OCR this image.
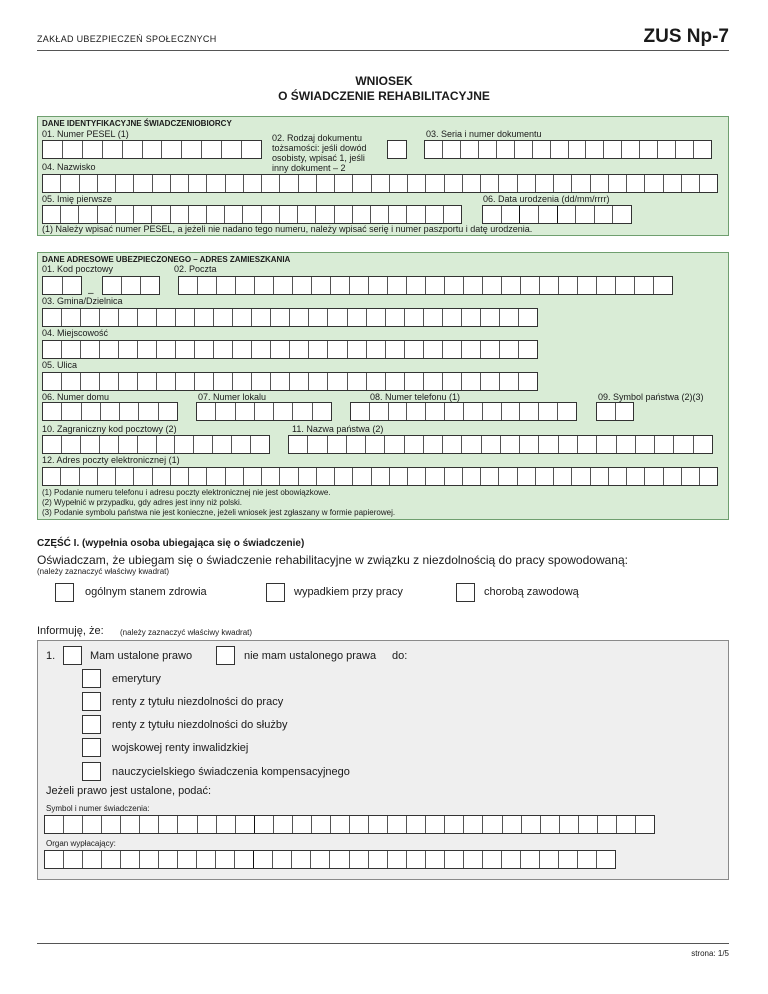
ZAKŁAD UBEZPIECZEŃ SPOŁECZNYCH	ZUS Np-7
WNIOSEK
O ŚWIADCZENIE REHABILITACYJNE
DANE IDENTYFIKACYJNE ŚWIADCZENIOBIORCY
01. Numer PESEL (1)	02. Rodzaj dokumentu
tożsamości: jeśli dowód
osobisty, wpisać 1, jeśli
inny dokument – 2
03. Seria i numer dokumentu
04. Nazwisko
05. Imię pierwsze	06. Data urodzenia (dd/mm/rrrr)
(1) Należy wpisać numer PESEL, a jeżeli nie nadano tego numeru, należy wpisać serię i numer paszportu i datę urodzenia.
DANE ADRESOWE UBEZPIECZONEGO – ADRES ZAMIESZKANIA
01. Kod pocztowy	02. Poczta
–
03. Gmina/Dzielnica
04. Miejscowość
05. Ulica
06. Numer domu	07. Numer lokalu	08. Numer telefonu (1)	09. Symbol państwa (2)(3)
10. Zagraniczny kod pocztowy (2)	11. Nazwa państwa (2)
12. Adres poczty elektronicznej (1)
(1) Podanie numeru telefonu i adresu poczty elektronicznej nie jest obowiązkowe.
(2) Wypełnić w przypadku, gdy adres jest inny niż polski.
(3) Podanie symbolu państwa nie jest konieczne, jeżeli wniosek jest zgłaszany w formie papierowej.
CZĘŚĆ I. (wypełnia osoba ubiegająca się o świadczenie)
Oświadczam, że ubiegam się o świadczenie rehabilitacyjne w związku z niezdolnością do pracy spowodowaną:
(należy zaznaczyć właściwy kwadrat)
ogólnym stanem zdrowia	wypadkiem przy pracy	chorobą zawodową
Informuję, że: (należy zaznaczyć właściwy kwadrat)
1.	Mam ustalone prawo	nie mam ustalonego prawa do:
emerytury
renty z tytułu niezdolności do pracy
renty z tytułu niezdolności do służby
wojskowej renty inwalidzkiej
nauczycielskiego świadczenia kompensacyjnego
Jeżeli prawo jest ustalone, podać:
Symbol i numer świadczenia:
Organ wypłacający:
strona: 1/5
